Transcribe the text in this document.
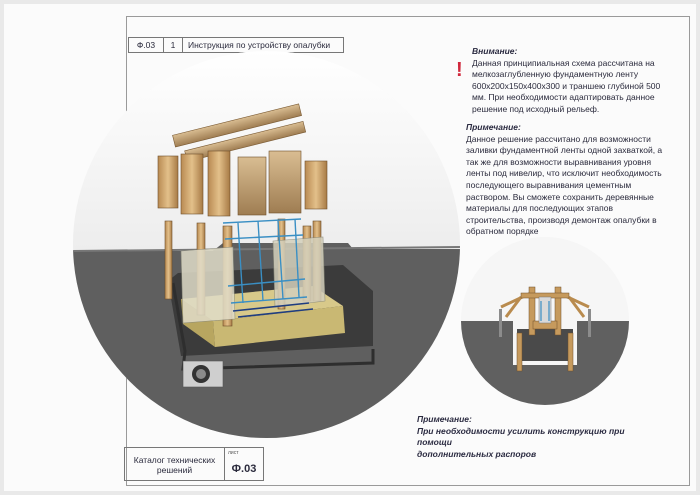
Ф.03	1	Инструкция по устройству опалубки
!
Внимание:
Данная принципиальная схема рассчитана на
мелкозаглубленную фундаментную ленту
600х200х150х400х300 и траншею глубиной 500
мм. При необходимости адаптировать данное
решение под исходный рельеф.
Примечание:
Данное решение рассчитано для возможности
заливки фундаментной ленты одной захваткой, а
так же для возможности выравнивания уровня
ленты под нивелир, что исключит необходимость
последующего выравнивания цементным
раствором. Вы сможете сохранить деревянные
материалы для последующих этапов
строительства, производя демонтаж опалубки в
обратном порядке
Примечание:
При необходимости усилить конструкцию при помощи
дополнительных распоров
Каталог технических
решений
лист
Ф.03
